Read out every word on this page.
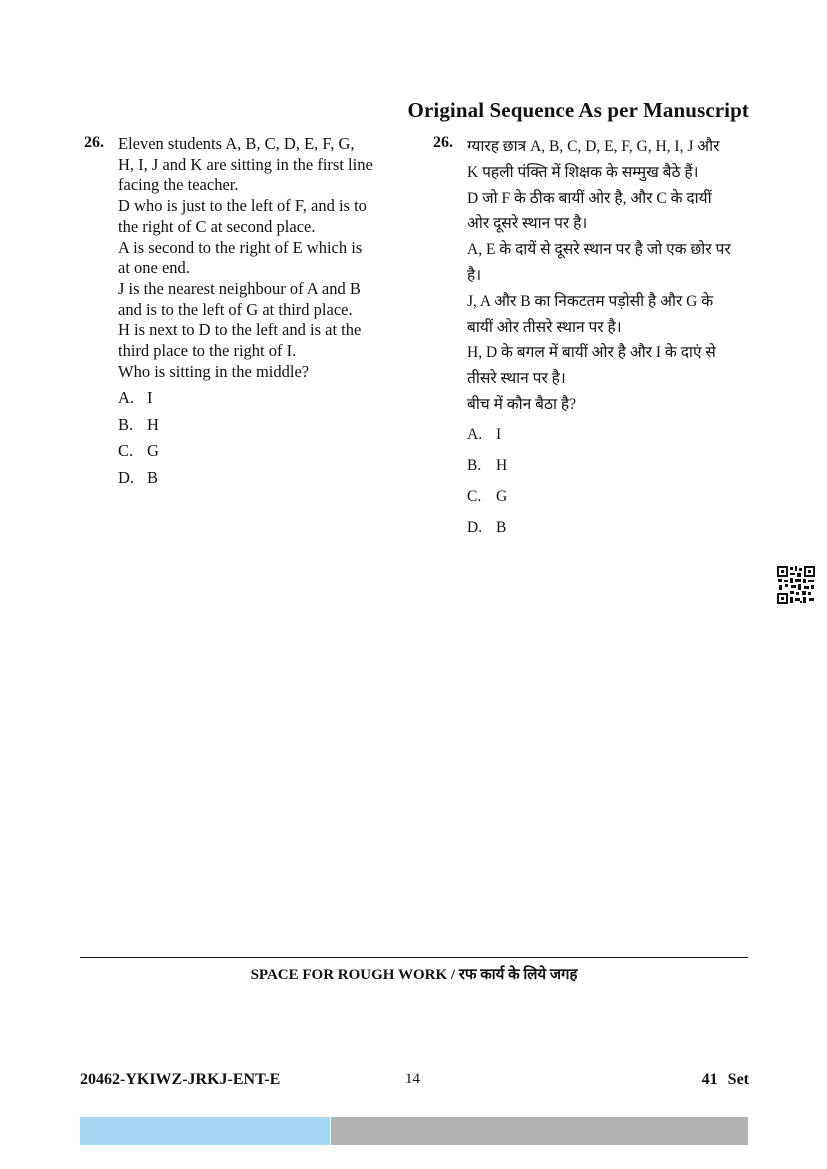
Original Sequence As per Manuscript
26. Eleven students A, B, C, D, E, F, G,
H, I, J and K are sitting in the first line
facing the teacher.
D who is just to the left of F, and is to
the right of C at second place.
A is second to the right of E which is
at one end.
J is the nearest neighbour of A and B
and is to the left of G at third place.
H is next to D to the left and is at the
third place to the right of I.
Who is sitting in the middle?
A. I
B. H
C. G
D. B
26. ग्यारह छात्र A, B, C, D, E, F, G, H, I, J और
K पहली पंक्ति में शिक्षक के सम्मुख बैठे हैं।
D जो F के ठीक बायीं ओर है, और C के दायीं
ओर दूसरे स्थान पर है।
A, E के दायें से दूसरे स्थान पर है जो एक छोर पर
है।
J, A और B का निकटतम पड़ोसी है और G के
बायीं ओर तीसरे स्थान पर है।
H, D के बगल में बायीं ओर है और I के दाएं से
तीसरे स्थान पर है।
बीच में कौन बैठा है?
A. I
B. H
C. G
D. B
SPACE FOR ROUGH WORK / रफ कार्य के लिये जगह
20462-YKIWZ-JRKJ-ENT-E	14	41 Set
